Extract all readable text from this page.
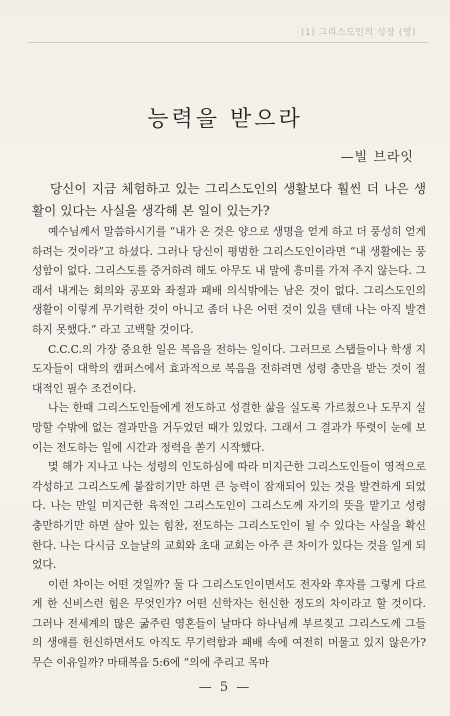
(1) 그리스도인의 성장 (영)
능력을 받으라
—빌 브라잇

당신이 지금 체험하고 있는 그리스도인의 생활보다 훨씬 더 나은 생활이 있다는 사실을 생각해 본 일이 있는가?

예수님께서 말씀하시기를 “내가 온 것은 양으로 생명을 얻게 하고 더 풍성히 얻게 하려는 것이라”고 하셨다. 그러나 당신이 평범한 그리스도인이라면 “내 생활에는 풍성함이 없다. 그리스도를 증거하려 해도 아무도 내 말에 흥미를 가져 주지 않는다. 그래서 내게는 회의와 공포와 좌절과 패배 의식밖에는 남은 것이 없다. 그리스도인의 생활이 이렇게 무기력한 것이 아니고 좀더 나은 어떤 것이 있을 텐데 나는 아직 발견하지 못했다.” 라고 고백할 것이다.

C.C.C.의 가장 중요한 일은 복음을 전하는 일이다. 그러므로 스탭들이나 학생 지도자들이 대학의 캠퍼스에서 효과적으로 복음을 전하려면 성령 충만을 받는 것이 절대적인 필수 조건이다.

나는 한때 그리스도인들에게 전도하고 성결한 삶을 실도록 가르쳤으나 도무지 실망할 수밖에 없는 결과만을 거두었던 때가 있었다. 그래서 그 결과가 뚜렷이 눈에 보이는 전도하는 일에 시간과 정력을 쏟기 시작했다.

몇 해가 지나고 나는 성령의 인도하심에 따라 미지근한 그리스도인들이 영적으로 각성하고 그리스도께 붙잡히기만 하면 큰 능력이 잠재되어 있는 것을 발견하게 되었다. 나는 만일 미지근한 육적인 그리스도인이 그리스도께 자기의 뜻을 맡기고 성령 충만하기만 하면 살아 있는 힘찬, 전도하는 그리스도인이 될 수 있다는 사실을 확신한다. 나는 다시금 오늘날의 교회와 초대 교회는 아주 큰 차이가 있다는 것을 일게 되었다.

이런 차이는 어떤 것일까? 둘 다 그리스도인이면서도 전자와 후자를 그렇게 다르게 한 신비스런 힘은 무엇인가? 어떤 신학자는 헌신한 정도의 차이라고 할 것이다. 그러나 전세계의 많은 굶주린 영혼들이 날마다 하나님께 부르짖고 그리스도께 그들의 생애를 헌신하면서도 아직도 무기력함과 패배 속에 여전히 머물고 있지 않은가? 무슨 이유일까? 마태복음 5:6에 “의에 주리고 목마

— 5 —
